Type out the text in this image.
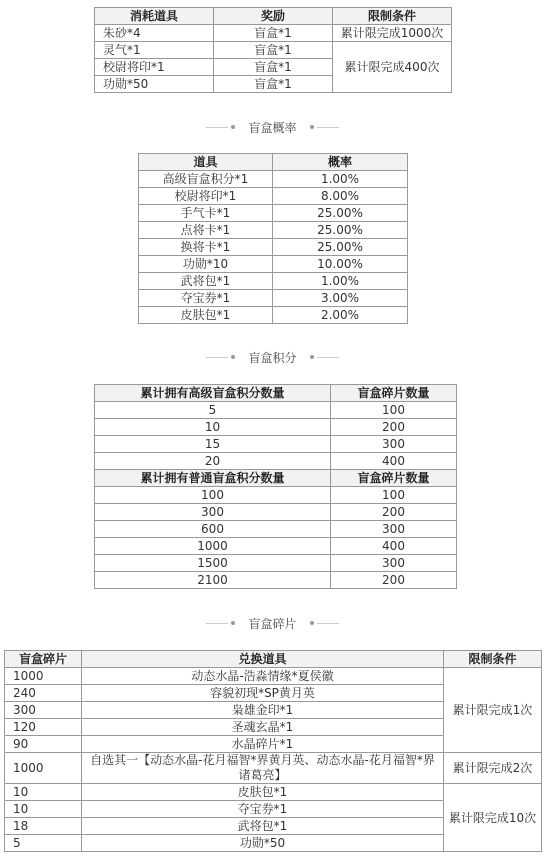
消耗道具	奖励	限制条件
朱砂*4	盲盒*1	累计限完成1000次
灵气*1	盲盒*1	累计限完成400次
校尉将印*1	盲盒*1	
功勋*50	盲盒*1	
盲盒概率
道具	概率
高级盲盒积分*1	1.00%
校尉将印*1	8.00%
手气卡*1	25.00%
点将卡*1	25.00%
换将卡*1	25.00%
功勋*10	10.00%
武将包*1	1.00%
夺宝券*1	3.00%
皮肤包*1	2.00%
盲盒积分
累计拥有高级盲盒积分数量	盲盒碎片数量
5	100
10	200
15	300
20	400
累计拥有普通盲盒积分数量	盲盒碎片数量
100	100
300	200
600	300
1000	400
1500	300
2100	200
盲盒碎片
盲盒碎片	兑换道具	限制条件
1000	动态水晶-浩淼情缘*夏侯徽	累计限完成1次
240	容貌初现*SP黄月英	
300	枭雄金印*1	
120	圣魂玄晶*1	
90	水晶碎片*1	
1000	自选其一【动态水晶-花月福智*界黄月英、动态水晶-花月福智*界诸葛亮】	累计限完成2次
10	皮肤包*1	累计限完成10次
10	夺宝券*1	
18	武将包*1	
5	功勋*50	
